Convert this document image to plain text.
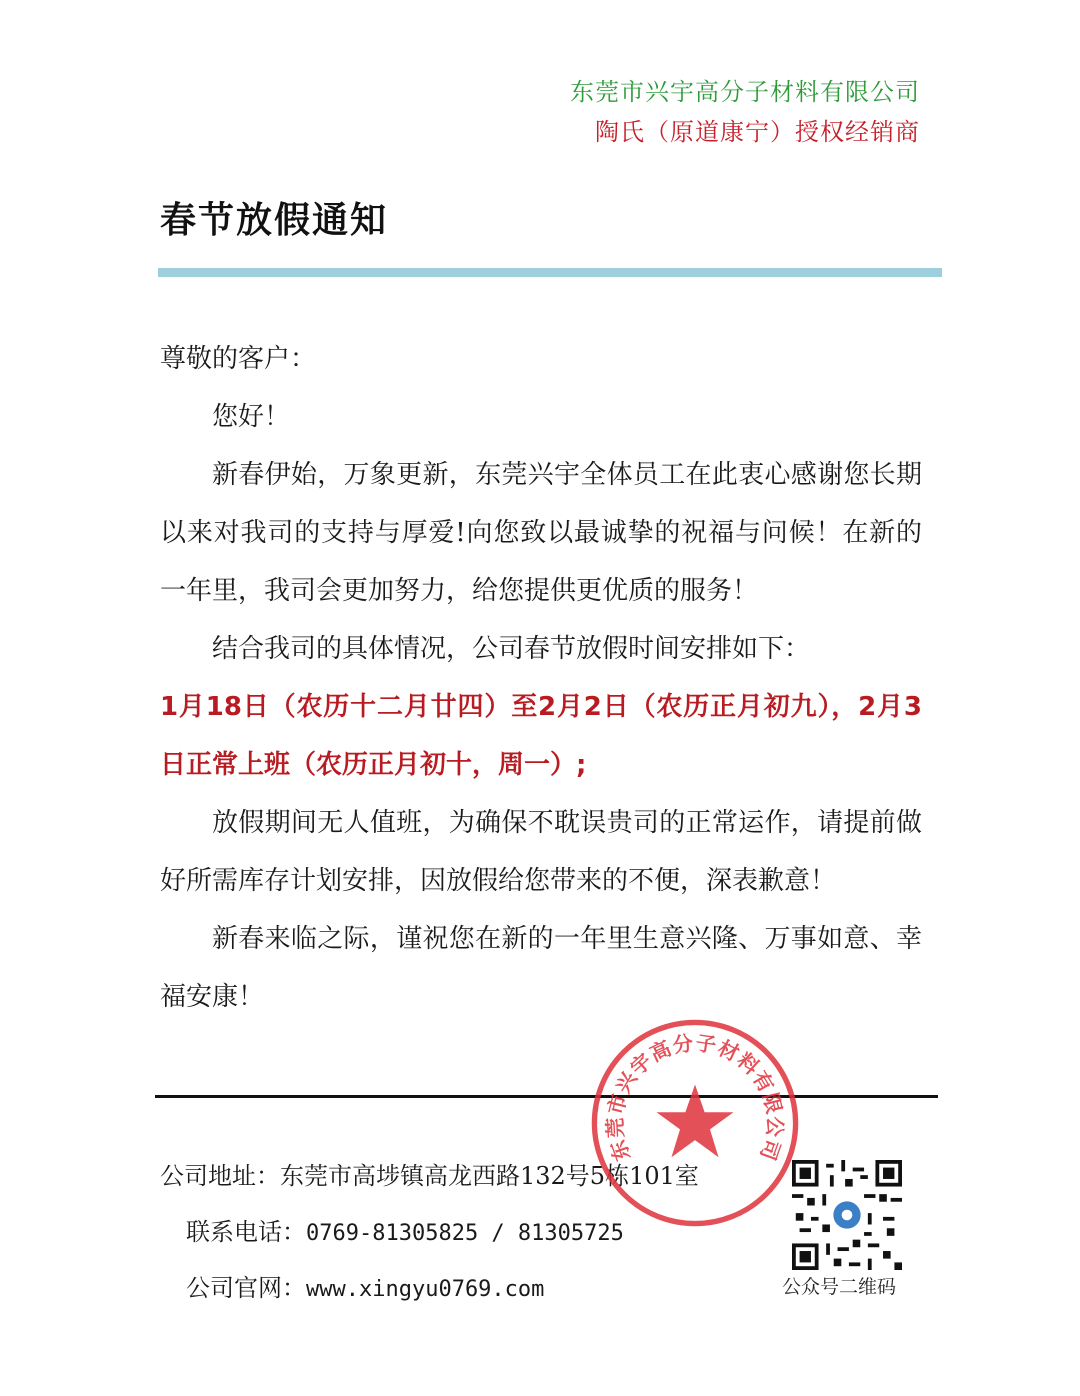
东莞市兴宇高分子材料有限公司
陶氏（原道康宁）授权经销商
春节放假通知

尊敬的客户：

您好！

新春伊始，万象更新，东莞兴宇全体员工在此衷心感谢您长期以来对我司的支持与厚爱!向您致以最诚挚的祝福与问候！在新的一年里，我司会更加努力，给您提供更优质的服务！

结合我司的具体情况，公司春节放假时间安排如下：

1月18日（农历十二月廿四）至2月2日（农历正月初九），2月3日正常上班（农历正月初十，周一）;

放假期间无人值班，为确保不耽误贵司的正常运作，请提前做好所需库存计划安排，因放假给您带来的不便，深表歉意！

新春来临之际，谨祝您在新的一年里生意兴隆、万事如意、幸福安康！

公司地址：东莞市高埗镇高龙西路132号5栋101室
联系电话：0769-81305825 / 81305725
公司官网：www.xingyu0769.com
东莞市兴宇高分子材料有限公司
公众号二维码
